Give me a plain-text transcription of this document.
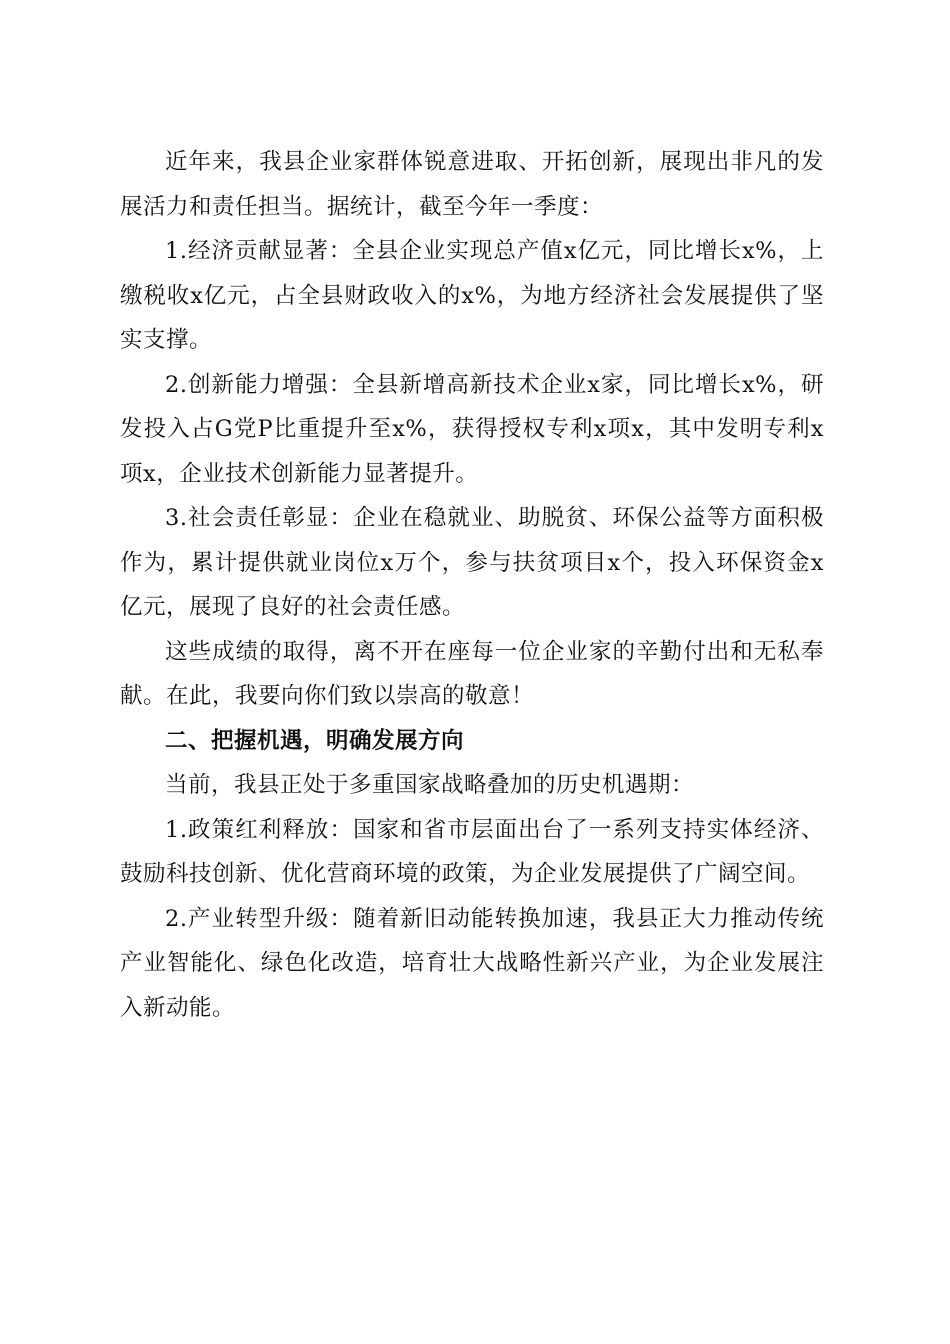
近年来，我县企业家群体锐意进取、开拓创新，展现出非凡的发展活力和责任担当。据统计，截至今年一季度：

1.经济贡献显著：全县企业实现总产值x亿元，同比增长x%，上缴税收x亿元，占全县财政收入的x%，为地方经济社会发展提供了坚实支撑。

2.创新能力增强：全县新增高新技术企业x家，同比增长x%，研发投入占G党P比重提升至x%，获得授权专利x项x，其中发明专利x项x，企业技术创新能力显著提升。

3.社会责任彰显：企业在稳就业、助脱贫、环保公益等方面积极作为，累计提供就业岗位x万个，参与扶贫项目x个，投入环保资金x亿元，展现了良好的社会责任感。

这些成绩的取得，离不开在座每一位企业家的辛勤付出和无私奉献。在此，我要向你们致以崇高的敬意！

二、把握机遇，明确发展方向

当前，我县正处于多重国家战略叠加的历史机遇期：

1.政策红利释放：国家和省市层面出台了一系列支持实体经济、鼓励科技创新、优化营商环境的政策，为企业发展提供了广阔空间。

2.产业转型升级：随着新旧动能转换加速，我县正大力推动传统产业智能化、绿色化改造，培育壮大战略性新兴产业，为企业发展注入新动能。
